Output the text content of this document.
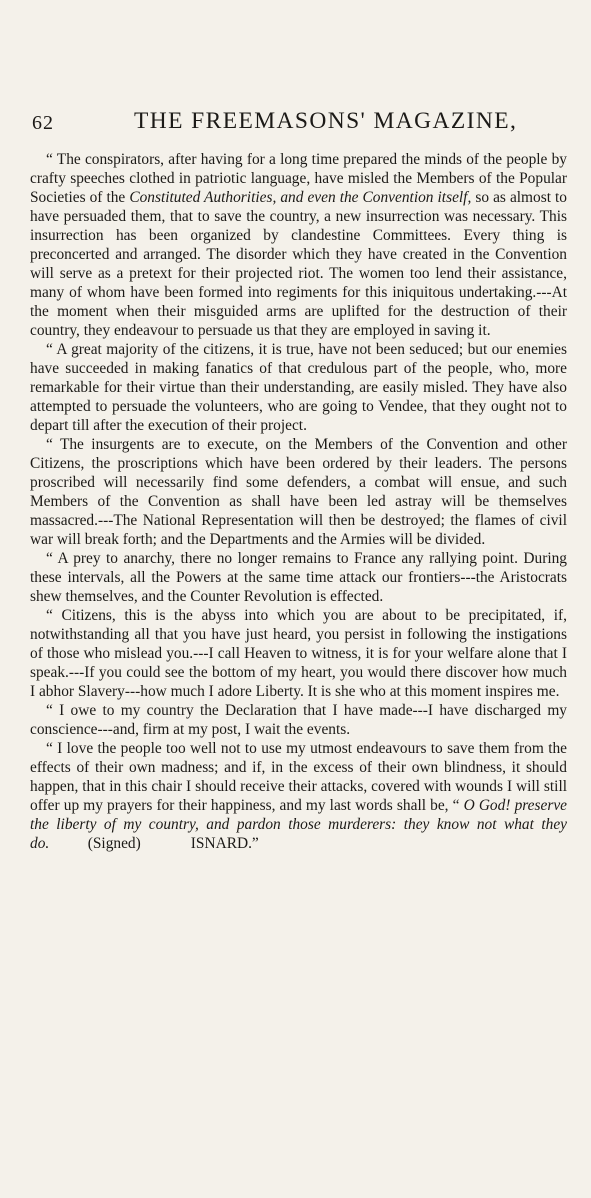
62	THE FREEMASONS' MAGAZINE,

“ The conspirators, after having for a long time prepared the minds of the people by crafty speeches clothed in patriotic language, have misled the Members of the Popular Societies of the Constituted Authorities, and even the Convention itself, so as almost to have persuaded them, that to save the country, a new insurrection was necessary. This insurrection has been organized by clandestine Committees. Every thing is preconcerted and arranged. The disorder which they have created in the Convention will serve as a pretext for their projected riot. The women too lend their assistance, many of whom have been formed into regiments for this iniquitous undertaking.---At the moment when their misguided arms are uplifted for the destruction of their country, they endeavour to persuade us that they are employed in saving it.

“ A great majority of the citizens, it is true, have not been seduced; but our enemies have succeeded in making fanatics of that credulous part of the people, who, more remarkable for their virtue than their understanding, are easily misled. They have also attempted to persuade the volunteers, who are going to Vendee, that they ought not to depart till after the execution of their project.

“ The insurgents are to execute, on the Members of the Convention and other Citizens, the proscriptions which have been ordered by their leaders. The persons proscribed will necessarily find some defenders, a combat will ensue, and such Members of the Convention as shall have been led astray will be themselves massacred.---The National Representation will then be destroyed; the flames of civil war will break forth; and the Departments and the Armies will be divided.

“ A prey to anarchy, there no longer remains to France any rallying point. During these intervals, all the Powers at the same time attack our frontiers---the Aristocrats shew themselves, and the Counter Revolution is effected.

“ Citizens, this is the abyss into which you are about to be precipitated, if, notwithstanding all that you have just heard, you persist in following the instigations of those who mislead you.---I call Heaven to witness, it is for your welfare alone that I speak.---If you could see the bottom of my heart, you would there discover how much I abhor Slavery---how much I adore Liberty. It is she who at this moment inspires me.

“ I owe to my country the Declaration that I have made---I have discharged my conscience---and, firm at my post, I wait the events.

“ I love the people too well not to use my utmost endeavours to save them from the effects of their own madness; and if, in the excess of their own blindness, it should happen, that in this chair I should receive their attacks, covered with wounds I will still offer up my prayers for their happiness, and my last words shall be, “ O God! preserve the liberty of my country, and pardon those murderers: they know not what they do. (Signed)	ISNARD.”
